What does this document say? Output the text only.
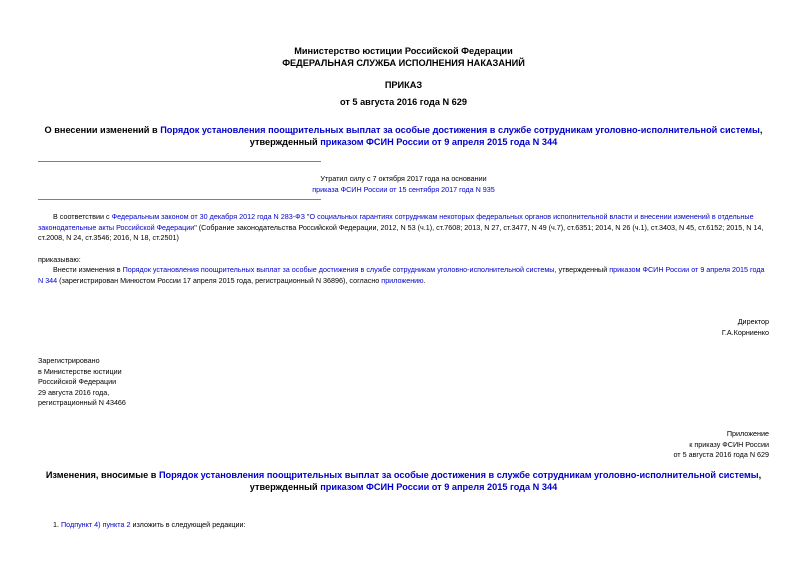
Министерство юстиции Российской Федерации
ФЕДЕРАЛЬНАЯ СЛУЖБА ИСПОЛНЕНИЯ НАКАЗАНИЙ
ПРИКАЗ
от 5 августа 2016 года N 629
О внесении изменений в Порядок установления поощрительных выплат за особые достижения в службе сотрудникам уголовно-исполнительной системы, утвержденный приказом ФСИН России от 9 апреля 2015 года N 344
Утратил силу с 7 октября 2017 года на основании
приказа ФСИН России от 15 сентября 2017 года N 935
В соответствии с Федеральным законом от 30 декабря 2012 года N 283-ФЗ "О социальных гарантиях сотрудникам некоторых федеральных органов исполнительной власти и внесении изменений в отдельные законодательные акты Российской Федерации" (Собрание законодательства Российской Федерации, 2012, N 53 (ч.1), ст.7608; 2013, N 27, ст.3477, N 49 (ч.7), ст.6351; 2014, N 26 (ч.1), ст.3403, N 45, ст.6152; 2015, N 14, ст.2008, N 24, ст.3546; 2016, N 18, ст.2501)
приказываю:
Внести изменения в Порядок установления поощрительных выплат за особые достижения в службе сотрудникам уголовно-исполнительной системы, утвержденный приказом ФСИН России от 9 апреля 2015 года N 344 (зарегистрирован Минюстом России 17 апреля 2015 года, регистрационный N 36896), согласно приложению.
Директор
Г.А.Корниенко
Зарегистрировано
в Министерстве юстиции
Российской Федерации
29 августа 2016 года,
регистрационный N 43466
Приложение
к приказу ФСИН России
от 5 августа 2016 года N 629
Изменения, вносимые в Порядок установления поощрительных выплат за особые достижения в службе сотрудникам уголовно-исполнительной системы, утвержденный приказом ФСИН России от 9 апреля 2015 года N 344
1. Подпункт 4) пункта 2 изложить в следующей редакции:
